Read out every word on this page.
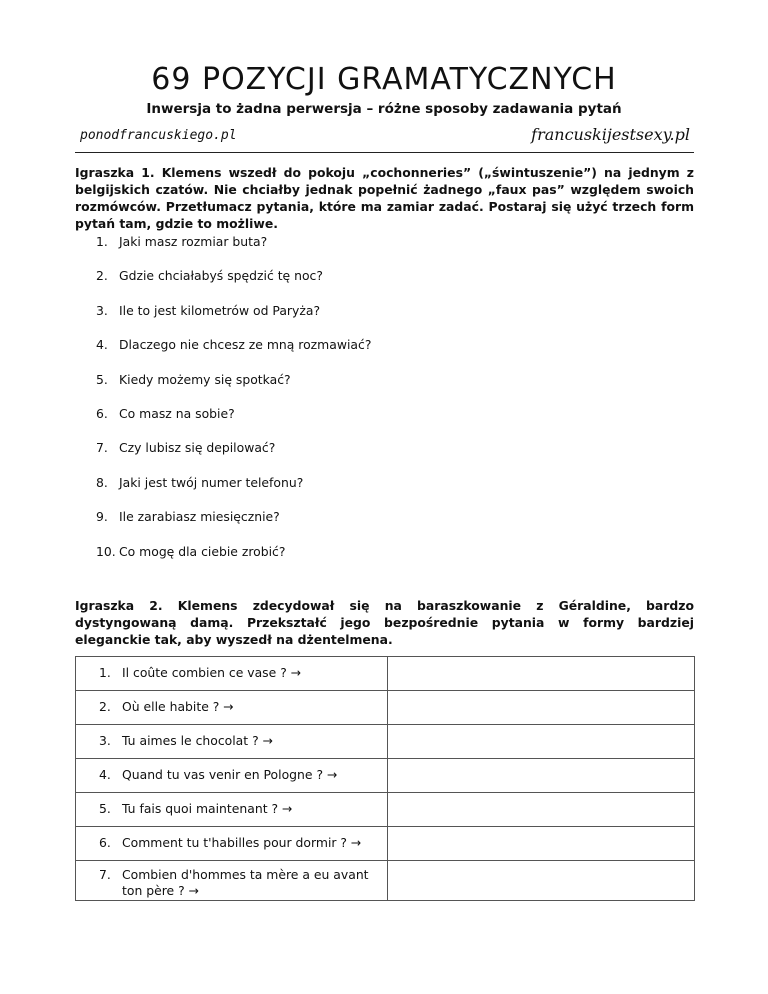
69 POZYCJI GRAMATYCZNYCH
Inwersja to żadna perwersja – różne sposoby zadawania pytań
ponodfrancuskiego.pl	francuskijestsexy.pl
Igraszka 1. Klemens wszedł do pokoju „cochonneries” („świntuszenie”) na jednym z belgijskich czatów. Nie chciałby jednak popełnić żadnego „faux pas” względem swoich rozmówców. Przetłumacz pytania, które ma zamiar zadać. Postaraj się użyć trzech form pytań tam, gdzie to możliwe.
1. Jaki masz rozmiar buta?
2. Gdzie chciałabyś spędzić tę noc?
3. Ile to jest kilometrów od Paryża?
4. Dlaczego nie chcesz ze mną rozmawiać?
5. Kiedy możemy się spotkać?
6. Co masz na sobie?
7. Czy lubisz się depilować?
8. Jaki jest twój numer telefonu?
9. Ile zarabiasz miesięcznie?
10. Co mogę dla ciebie zrobić?
Igraszka 2. Klemens zdecydował się na baraszkowanie z Géraldine, bardzo dystyngowaną damą. Przekształć jego bezpośrednie pytania w formy bardziej eleganckie tak, aby wyszedł na dżentelmena.
1. Il coûte combien ce vase ? →	
2. Où elle habite ? →	
3. Tu aimes le chocolat ? →	
4. Quand tu vas venir en Pologne ? →	
5. Tu fais quoi maintenant ? →	
6. Comment tu t'habilles pour dormir ? →	
7. Combien d'hommes ta mère a eu avant ton père ? →	
